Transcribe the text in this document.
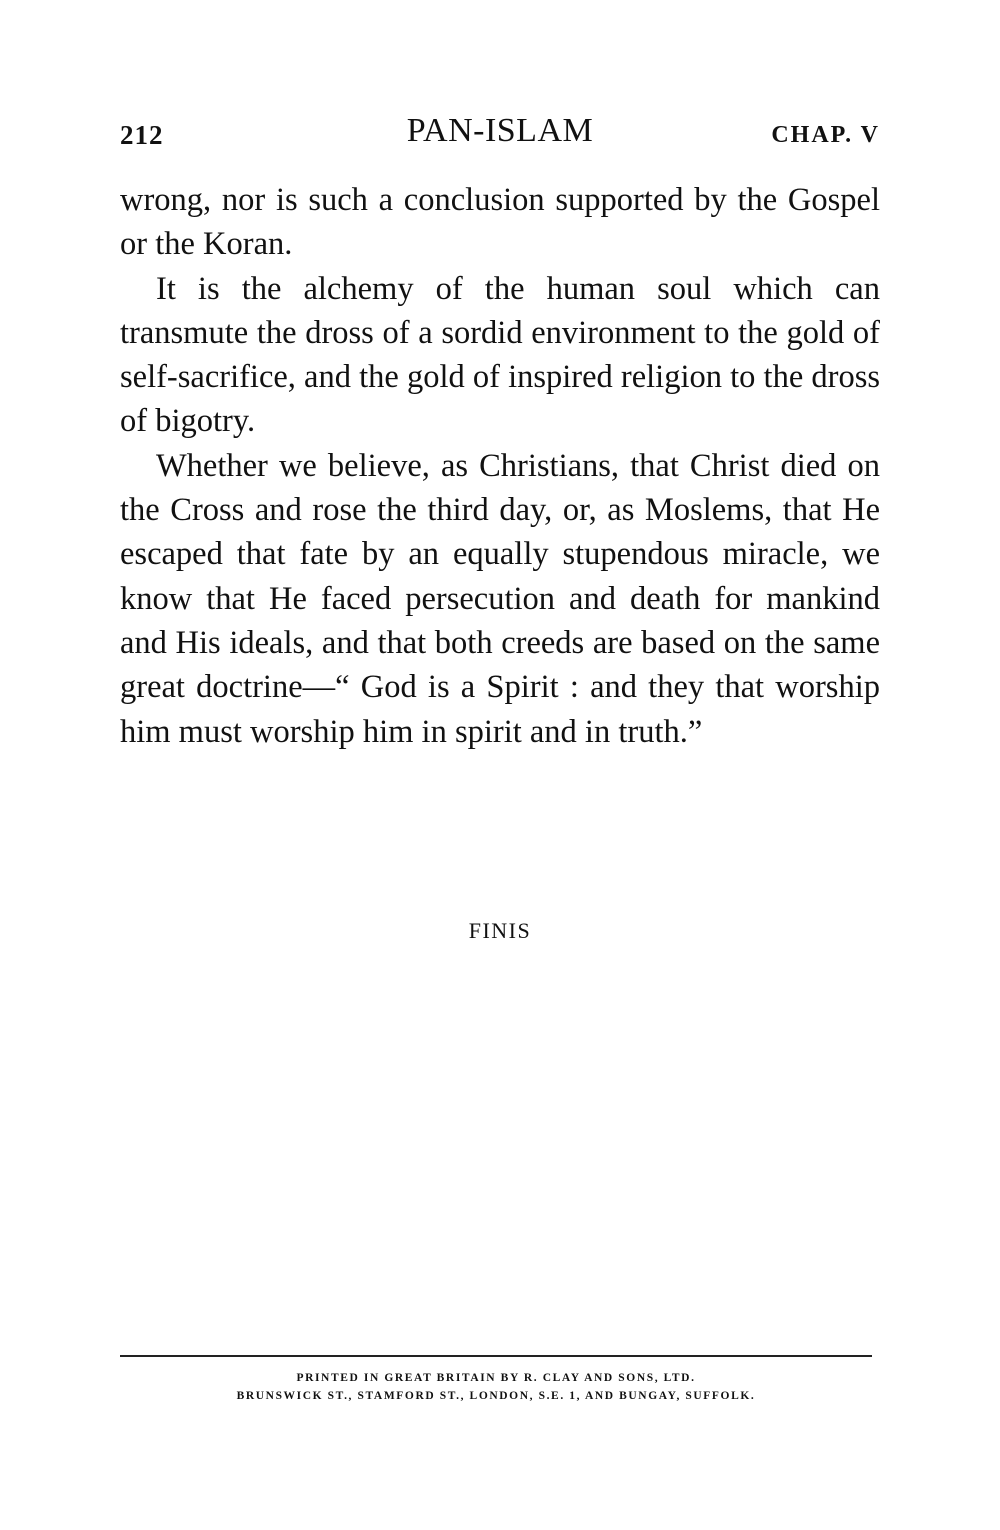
212	PAN-ISLAM	CHAP. V

wrong, nor is such a conclusion supported by the Gospel or the Koran.

It is the alchemy of the human soul which can transmute the dross of a sordid environment to the gold of self-sacrifice, and the gold of inspired religion to the dross of bigotry.

Whether we believe, as Christians, that Christ died on the Cross and rose the third day, or, as Moslems, that He escaped that fate by an equally stupendous miracle, we know that He faced persecution and death for mankind and His ideals, and that both creeds are based on the same great doctrine—“ God is a Spirit : and they that worship him must worship him in spirit and in truth.”

FINIS
PRINTED IN GREAT BRITAIN BY R. CLAY AND SONS, LTD.
BRUNSWICK ST., STAMFORD ST., LONDON, S.E. 1, AND BUNGAY, SUFFOLK.
